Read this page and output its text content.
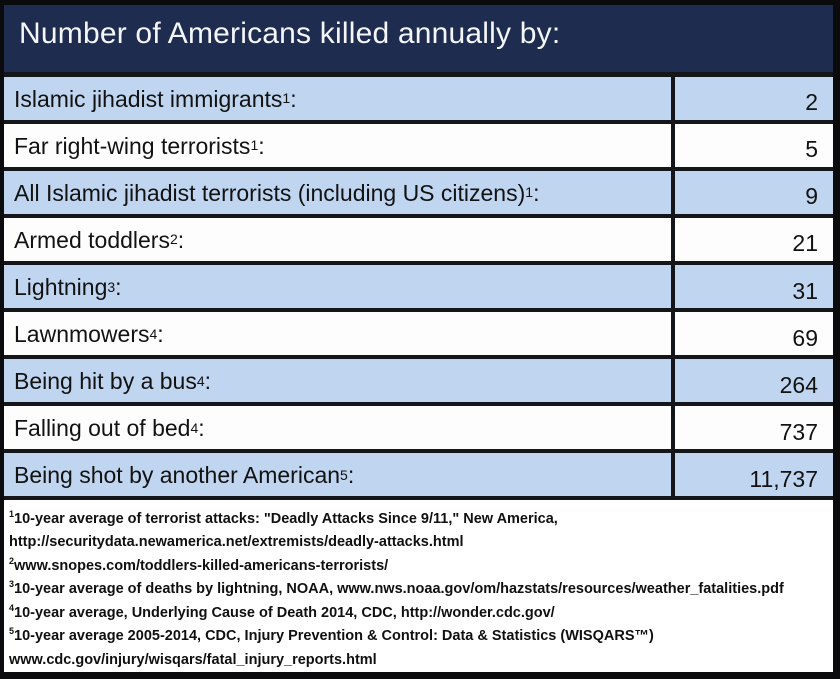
Number of Americans killed annually by:
Islamic jihadist immigrants$^1$ :	2
Far right-wing terrorists$^1$ :	5
All Islamic jihadist terrorists (including US citizens)$^1$ :	9
Armed toddlers$^2$ :	21
Lightning$^3$ :	31
Lawnmowers$^4$ :	69
Being hit by a bus$^4$ :	264
Falling out of bed$^4$ :	737
Being shot by another American$^5$ :	11,737
$^1$10-year average of terrorist attacks: "Deadly Attacks Since 9/11," New America,
http://securitydata.newamerica.net/extremists/deadly-attacks.html
$^2$www.snopes.com/toddlers-killed-americans-terrorists/
$^3$10-year average of deaths by lightning, NOAA, www.nws.noaa.gov/om/hazstats/resources/weather_fatalities.pdf
$^4$10-year average, Underlying Cause of Death 2014, CDC, http://wonder.cdc.gov/
$^5$10-year average 2005-2014, CDC, Injury Prevention & Control: Data & Statistics (WISQARS™)
www.cdc.gov/injury/wisqars/fatal_injury_reports.html
